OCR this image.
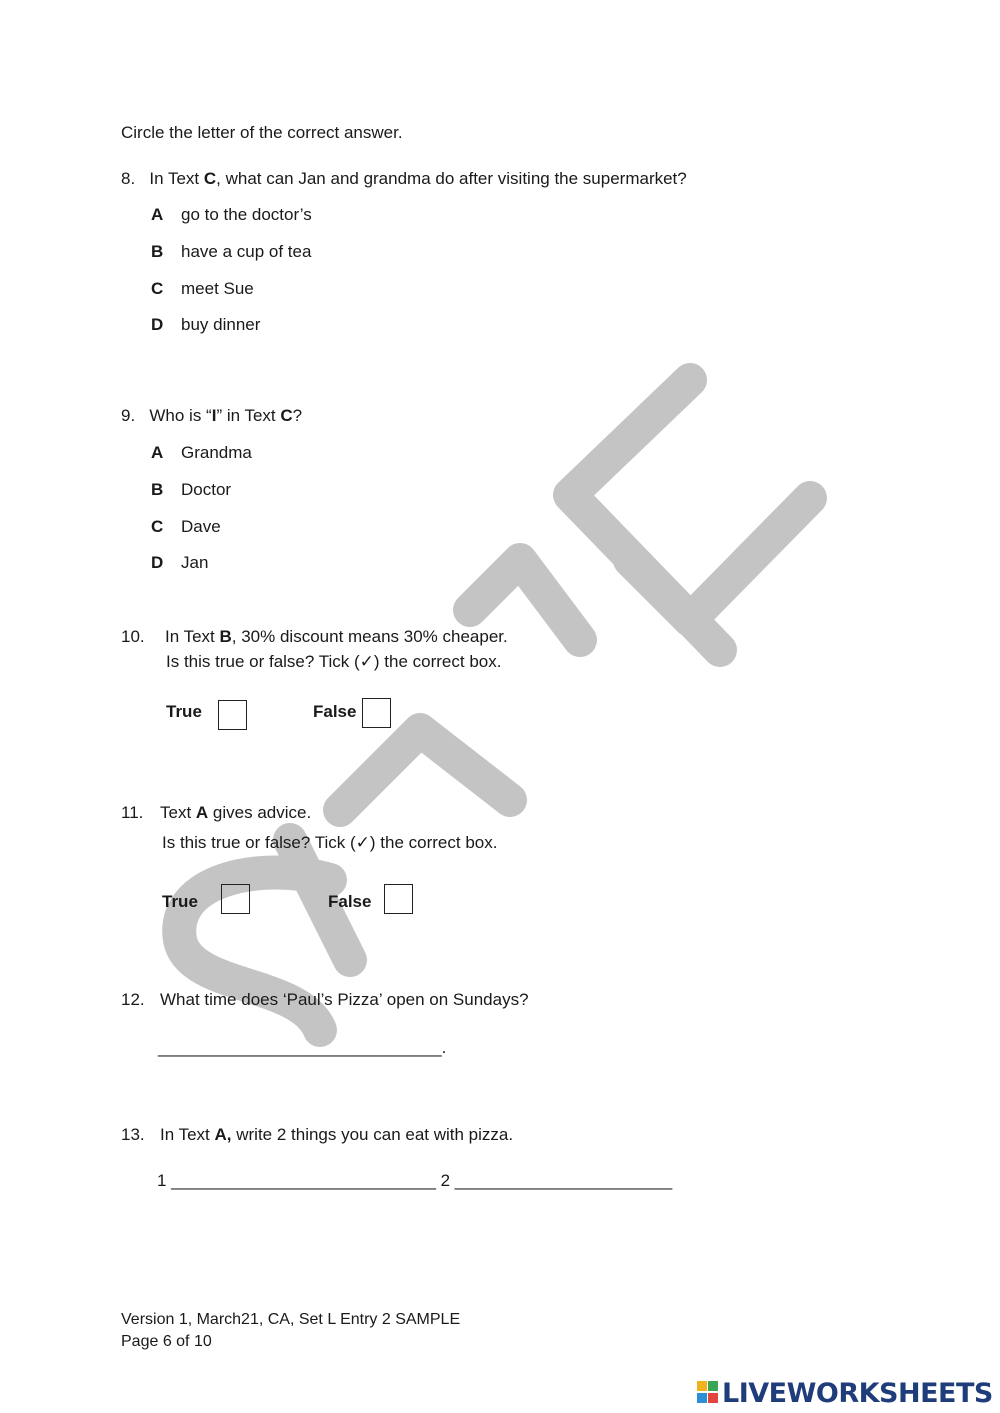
Circle the letter of the correct answer.
8. In Text C, what can Jan and grandma do after visiting the supermarket?
A go to the doctor’s
B have a cup of tea
C meet Sue
D buy dinner
9. Who is “I” in Text C?
A Grandma
B Doctor
C Dave
D Jan
10. In Text B, 30% discount means 30% cheaper.
Is this true or false? Tick (✓) the correct box.
True	False
11. Text A gives advice.
Is this true or false? Tick (✓) the correct box.
True	False
12. What time does ‘Paul’s Pizza’ open on Sundays?
______________________________.
13. In Text A, write 2 things you can eat with pizza.
1 ____________________________ 2 _______________________
Version 1, March21, CA, Set L Entry 2 SAMPLE
Page 6 of 10
LIVEWORKSHEETS
